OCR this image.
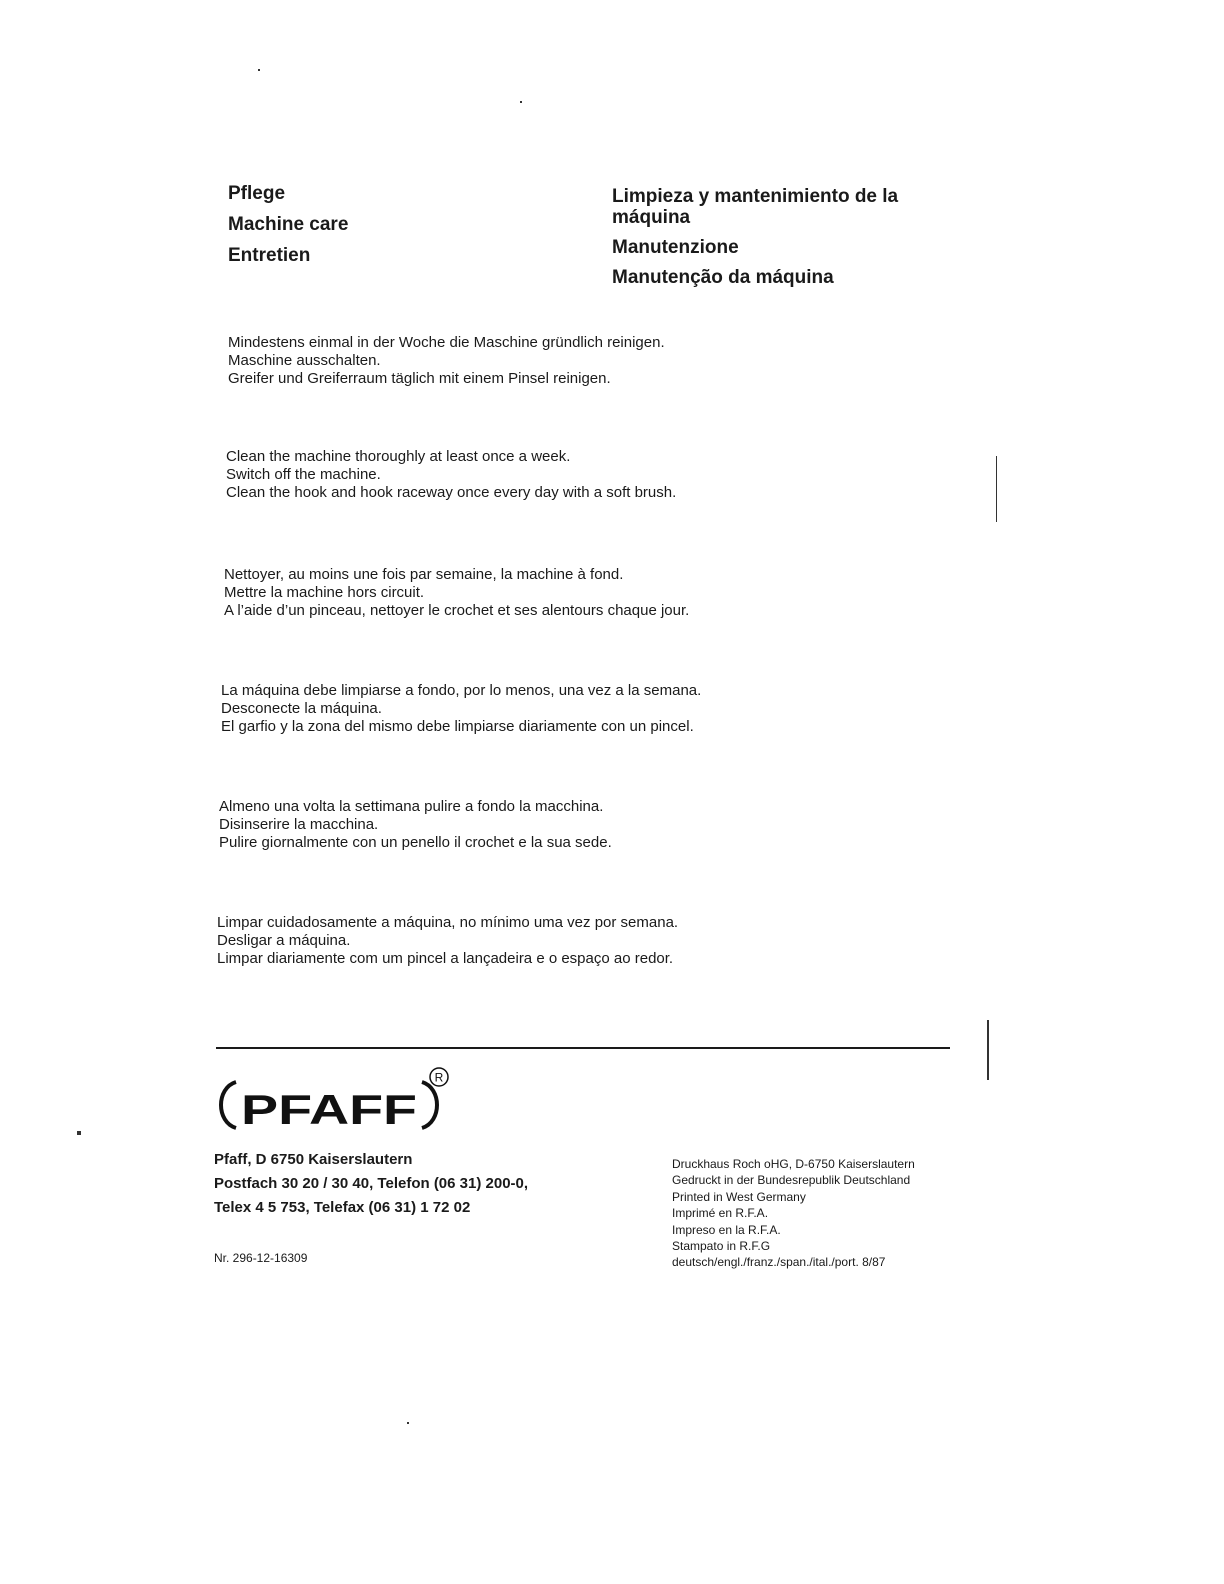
Pflege
Machine care
Entretien
Limpieza y mantenimiento de la
máquina
Manutenzione
Manutenção da máquina
Mindestens einmal in der Woche die Maschine gründlich reinigen.
Maschine ausschalten.
Greifer und Greiferraum täglich mit einem Pinsel reinigen.
Clean the machine thoroughly at least once a week.
Switch off the machine.
Clean the hook and hook raceway once every day with a soft brush.
Nettoyer, au moins une fois par semaine, la machine à fond.
Mettre la machine hors circuit.
A l’aide d’un pinceau, nettoyer le crochet et ses alentours chaque jour.
La máquina debe limpiarse a fondo, por lo menos, una vez a la semana.
Desconecte la máquina.
El garfio y la zona del mismo debe limpiarse diariamente con un pincel.
Almeno una volta la settimana pulire a fondo la macchina.
Disinserire la macchina.
Pulire giornalmente con un penello il crochet e la sua sede.
Limpar cuidadosamente a máquina, no mínimo uma vez por semana.
Desligar a máquina.
Limpar diariamente com um pincel a lançadeira e o espaço ao redor.
PFAFF
R
Pfaff, D 6750 Kaiserslautern
Postfach 30 20 / 30 40, Telefon (06 31) 200-0,
Telex 4 5 753, Telefax (06 31) 1 72 02
Nr. 296-12-16309
Druckhaus Roch oHG, D-6750 Kaiserslautern
Gedruckt in der Bundesrepublik Deutschland
Printed in West Germany
Imprimé en R.F.A.
Impreso en la R.F.A.
Stampato in R.F.G
deutsch/engl./franz./span./ital./port. 8/87
